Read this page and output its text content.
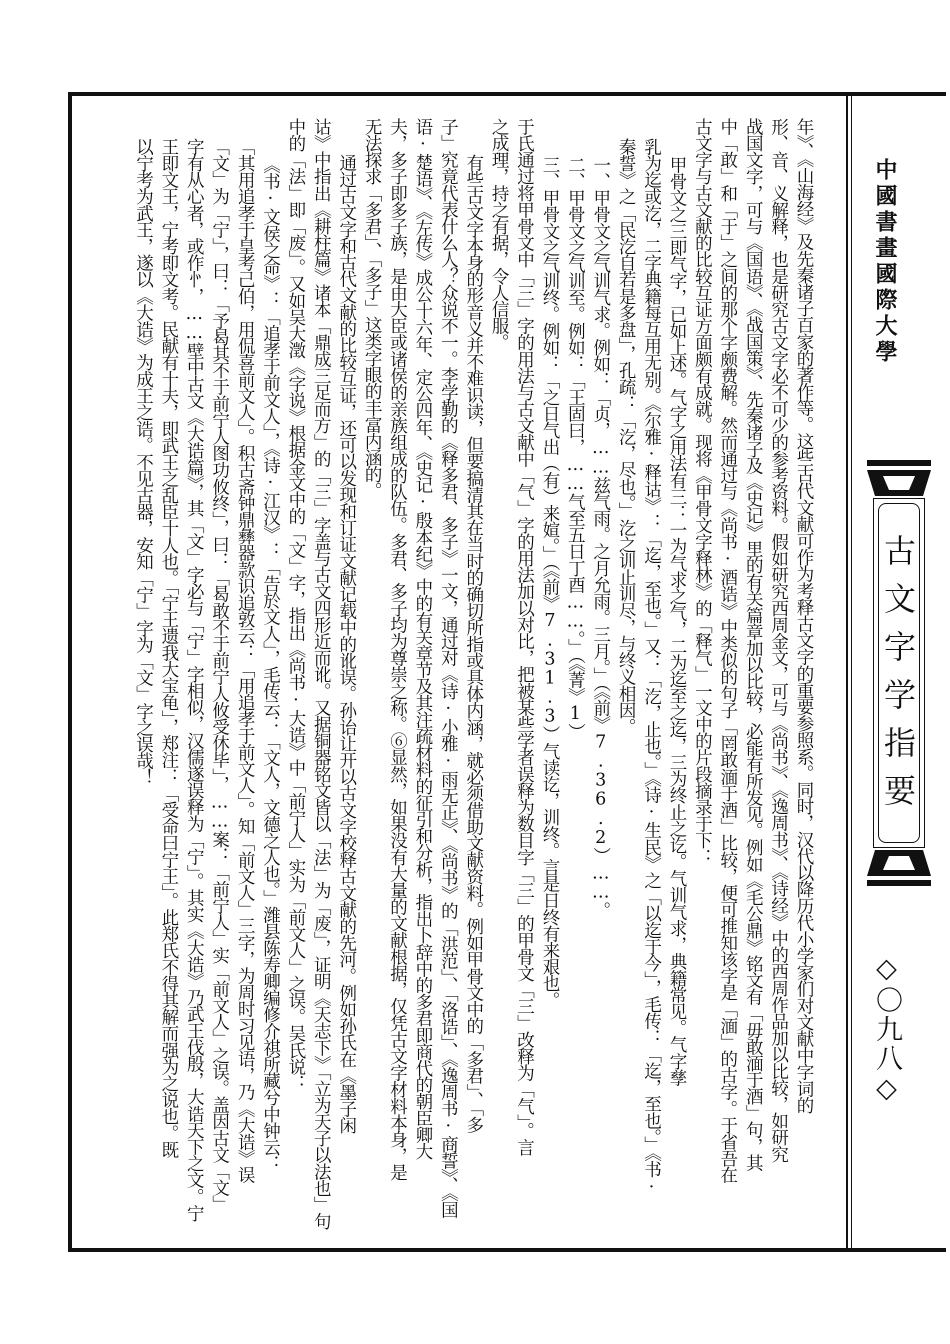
年》、《山海经》及先秦诸子百家的著作等。这些古代文献可作为考释古文字的重要参照系。同时，汉代以降历代小学家们对文献中字词的

形、音、义解释，也是研究古文字必不可少的参考资料。假如研究西周金文，可与《尚书》、《逸周书》、《诗经》中的西周作品加以比较，如研究

战国文字，可与《国语》、《战国策》、先秦诸子及《史记》里的有关篇章加以比较，必能有所发见。例如《毛公鼎》铭文有「毋敢湎于酒」句，其

中「敢」和「于」之间的那个字颇费解。然而通过与《尚书·酒诰》中类似的句子「罔敢湎于酒」比较，便可推知该字是「湎」的古字。于省吾在

古文字与古文献的比较互证方面颇有成就。现将《甲骨文字释林》的「释气」一文中的片段摘录于下：

甲骨文之三即气字，已如上述。气字之用法有三：一为气求之气，二为迄至之迄，三为终止之讫。气训气求，典籍常见。气字孳

乳为迄或汔，二字典籍每互用无别。《尔雅·释诂》：「迄，至也。」又：「汔，止也。」《诗·生民》之「以迄于今」，毛传：「迄，至也。」《书·

秦誓》之「民汔自若是多盘」，孔疏：「汔，尽也。」汔之训止训尽，与终义相因。

一、甲骨文之气训气求。例如：「贞，……兹气雨。之月允雨。三月。」（《前》7.36.2）……。

二、甲骨文之气训至。例如：「王固曰，……气至五日丁酉……。」（《菁》1）

三、甲骨文之气训终。例如：「之日气出（有）来媗。」（《前》7.31.3）气读讫，训终。言是日终有来艰也。

于氏通过将甲骨文中「三」字的用法与古文献中「气」字的用法加以对比，把被某些学者误释为数目字「三」的甲骨文「三」改释为「气」。言

之成理，持之有据，令人信服。

有些古文字本身的形音义并不难识读，但要搞清其在当时的确切所指或具体内涵，就必须借助文献资料。例如甲骨文中的「多君」、「多

子」究竟代表什么人？众说不一。李学勤的《释多君、多子》一文，通过对《诗·小雅·雨无正》、《尚书》的「洪范」、「洛诰」、《逸周书·商誓》、《国

语·楚语》、《左传》成公十六年、定公四年、《史记·殷本纪》中的有关章节及其注疏材料的征引和分析，指出卜辞中的多君即商代的朝臣卿大

夫，多子即多子族，是由大臣或诸侯的亲族组成的队伍。多君、多子均为尊崇之称。⑥显然，如果没有大量的文献根据，仅凭古文字材料本身，是

无法探求「多君」、「多子」这类字眼的丰富内涵的。

通过古文字和古代文献的比较互证，还可以发现和订证文献记载中的讹误。孙诒让开以古文字校释古文献的先河。例如孙氏在《墨子闲

诂》中指出《耕柱篇》诸本「鼎成三足而方」的「三」字盖与古文四形近而讹。又据铜器铭文皆以「法」为「废」，证明《天志下》「立为天子以法也」句

中的「法」即「废」。又如吴大澂《字说》根据金文中的「文」字，指出《尚书·大诰》中「前宁人」实为「前文人」之误。吴氏说：

《书·文侯之命》：「追孝于前文人」，《诗·江汉》：「告於文人」，毛传云：「文人，文德之人也。」潍县陈寿卿编修介祺所藏兮中钟云：

「其用追孝于皇考己伯，用侃喜前文人」。积古斋钟鼎彝器款识追敦云：「用追孝于前文人」。知「前文人」三字，为周时习见语，乃《大诰》误

「文」为「宁」，曰：「予曷其不于前宁人图功攸终」，曰：「曷敢不于前宁人攸受休毕」，……案：「前宁人」实「前文人」之误。盖因古文「文」

字有从心者，或作㣺，……壁中古文《大诰篇》，其「文」字必与「宁」字相似，汉儒遂误释为「宁」。其实《大诰》乃武王伐殷，大诰天下之文。宁

王即文王，宁考即文考。民献有十夫，即武王之乱臣十人也。「宁王遗我大宝龟」，郑注：「受命曰宁王」。此郑氏不得其解而强为之说也。既

以宁考为武王，遂以《大诰》为成王之诰。不见古器，安知「宁」字为「文」字之误哉！	中國書畫國際大學
古文字学指要
◇〇九八◇
